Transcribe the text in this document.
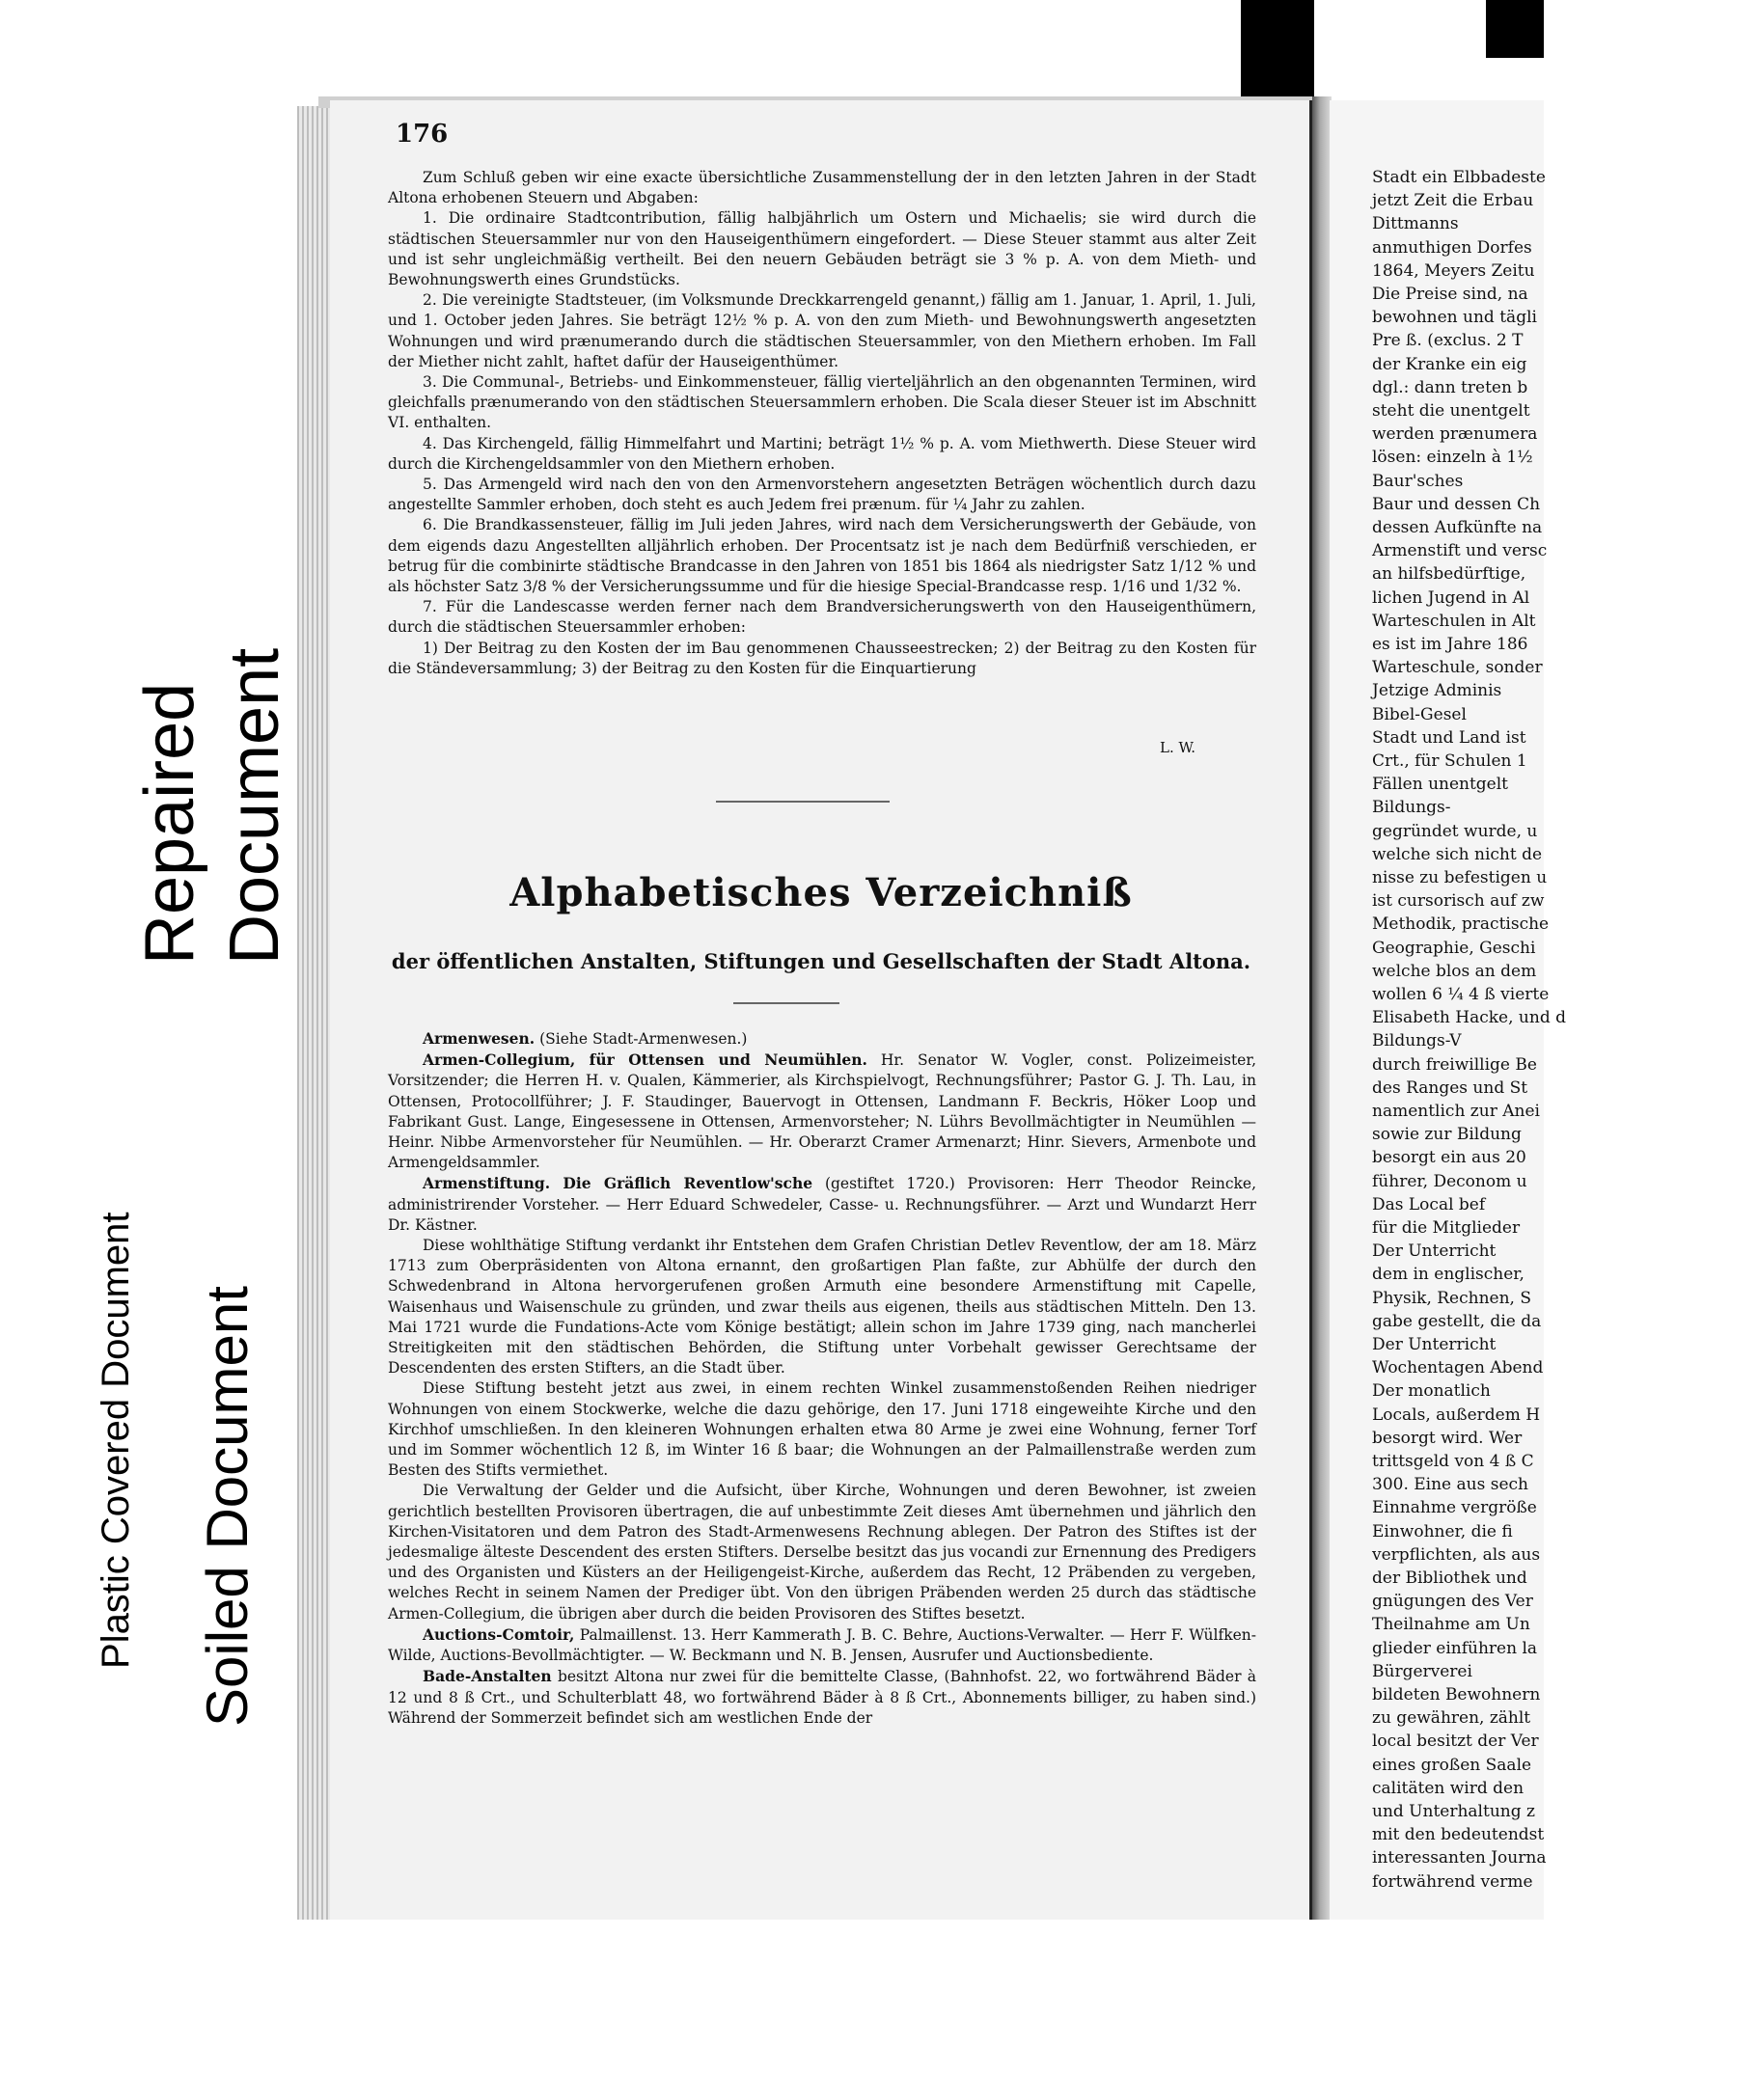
Repaired Document
Plastic Covered Document Soiled Document
176

Zum Schluß geben wir eine exacte übersichtliche Zusammenstellung der in den letzten Jahren in der Stadt Altona erhobenen Steuern und Abgaben:

1. Die ordinaire Stadtcontribution, fällig halbjährlich um Ostern und Michaelis; sie wird durch die städtischen Steuersammler nur von den Hauseigenthümern eingefordert. — Diese Steuer stammt aus alter Zeit und ist sehr ungleichmäßig vertheilt. Bei den neuern Gebäuden beträgt sie 3 % p. A. von dem Mieth- und Bewohnungswerth eines Grundstücks.

2. Die vereinigte Stadtsteuer, (im Volksmunde Dreckkarrengeld genannt,) fällig am 1. Januar, 1. April, 1. Juli, und 1. October jeden Jahres. Sie beträgt 12½ % p. A. von den zum Mieth- und Bewohnungswerth angesetzten Wohnungen und wird prænumerando durch die städtischen Steuersammler, von den Miethern erhoben. Im Fall der Miether nicht zahlt, haftet dafür der Hauseigenthümer.

3. Die Communal-, Betriebs- und Einkommensteuer, fällig vierteljährlich an den obgenannten Terminen, wird gleichfalls prænumerando von den städtischen Steuersammlern erhoben. Die Scala dieser Steuer ist im Abschnitt VI. enthalten.

4. Das Kirchengeld, fällig Himmelfahrt und Martini; beträgt 1½ % p. A. vom Miethwerth. Diese Steuer wird durch die Kirchengeldsammler von den Miethern erhoben.

5. Das Armengeld wird nach den von den Armenvorstehern angesetzten Beträgen wöchentlich durch dazu angestellte Sammler erhoben, doch steht es auch Jedem frei prænum. für ¼ Jahr zu zahlen.

6. Die Brandkassensteuer, fällig im Juli jeden Jahres, wird nach dem Versicherungswerth der Gebäude, von dem eigends dazu Angestellten alljährlich erhoben. Der Procentsatz ist je nach dem Bedürfniß verschieden, er betrug für die combinirte städtische Brandcasse in den Jahren von 1851 bis 1864 als niedrigster Satz 1/12 % und als höchster Satz 3/8 % der Versicherungssumme und für die hiesige Special-Brandcasse resp. 1/16 und 1/32 %.

7. Für die Landescasse werden ferner nach dem Brandversicherungswerth von den Hauseigenthümern, durch die städtischen Steuersammler erhoben:

1) Der Beitrag zu den Kosten der im Bau genommenen Chausseestrecken; 2) der Beitrag zu den Kosten für die Ständeversammlung; 3) der Beitrag zu den Kosten für die Einquartierung

L. W.
Alphabetisches Verzeichniß
der öffentlichen Anstalten, Stiftungen und Gesellschaften der Stadt Altona.

Armenwesen. (Siehe Stadt-Armenwesen.)

Armen-Collegium, für Ottensen und Neumühlen. Hr. Senator W. Vogler, const. Polizeimeister, Vorsitzender; die Herren H. v. Qualen, Kämmerier, als Kirchspielvogt, Rechnungsführer; Pastor G. J. Th. Lau, in Ottensen, Protocollführer; J. F. Staudinger, Bauervogt in Ottensen, Landmann F. Beckris, Höker Loop und Fabrikant Gust. Lange, Eingesessene in Ottensen, Armenvorsteher; N. Lührs Bevollmächtigter in Neumühlen — Heinr. Nibbe Armenvorsteher für Neumühlen. — Hr. Oberarzt Cramer Armenarzt; Hinr. Sievers, Armenbote und Armengeldsammler.

Armenstiftung. Die Gräflich Reventlow'sche (gestiftet 1720.) Provisoren: Herr Theodor Reincke, administrirender Vorsteher. — Herr Eduard Schwedeler, Casse- u. Rechnungsführer. — Arzt und Wundarzt Herr Dr. Kästner.

Diese wohlthätige Stiftung verdankt ihr Entstehen dem Grafen Christian Detlev Reventlow, der am 18. März 1713 zum Oberpräsidenten von Altona ernannt, den großartigen Plan faßte, zur Abhülfe der durch den Schwedenbrand in Altona hervorgerufenen großen Armuth eine besondere Armenstiftung mit Capelle, Waisenhaus und Waisenschule zu gründen, und zwar theils aus eigenen, theils aus städtischen Mitteln. Den 13. Mai 1721 wurde die Fundations-Acte vom Könige bestätigt; allein schon im Jahre 1739 ging, nach mancherlei Streitigkeiten mit den städtischen Behörden, die Stiftung unter Vorbehalt gewisser Gerechtsame der Descendenten des ersten Stifters, an die Stadt über.

Diese Stiftung besteht jetzt aus zwei, in einem rechten Winkel zusammenstoßenden Reihen niedriger Wohnungen von einem Stockwerke, welche die dazu gehörige, den 17. Juni 1718 eingeweihte Kirche und den Kirchhof umschließen. In den kleineren Wohnungen erhalten etwa 80 Arme je zwei eine Wohnung, ferner Torf und im Sommer wöchentlich 12 ß, im Winter 16 ß baar; die Wohnungen an der Palmaillenstraße werden zum Besten des Stifts vermiethet.

Die Verwaltung der Gelder und die Aufsicht, über Kirche, Wohnungen und deren Bewohner, ist zweien gerichtlich bestellten Provisoren übertragen, die auf unbestimmte Zeit dieses Amt übernehmen und jährlich den Kirchen-Visitatoren und dem Patron des Stadt-Armenwesens Rechnung ablegen. Der Patron des Stiftes ist der jedesmalige älteste Descendent des ersten Stifters. Derselbe besitzt das jus vocandi zur Ernennung des Predigers und des Organisten und Küsters an der Heiligengeist-Kirche, außerdem das Recht, 12 Präbenden zu vergeben, welches Recht in seinem Namen der Prediger übt. Von den übrigen Präbenden werden 25 durch das städtische Armen-Collegium, die übrigen aber durch die beiden Provisoren des Stiftes besetzt.

Auctions-Comtoir, Palmaillenst. 13. Herr Kammerath J. B. C. Behre, Auctions-Verwalter. — Herr F. Wülfken-Wilde, Auctions-Bevollmächtigter. — W. Beckmann und N. B. Jensen, Ausrufer und Auctionsbediente.

Bade-Anstalten besitzt Altona nur zwei für die bemittelte Classe, (Bahnhofst. 22, wo fortwährend Bäder à 12 und 8 ß Crt., und Schulterblatt 48, wo fortwährend Bäder à 8 ß Crt., Abonnements billiger, zu haben sind.) Während der Sommerzeit befindet sich am westlichen Ende der

Stadt ein Elbbadeste
jetzt Zeit die Erbau
Dittmanns
anmuthigen Dorfes
1864, Meyers Zeitu
Die Preise sind, na
bewohnen und tägli
Pre ß. (exclus. 2 T
der Kranke ein eig
dgl.: dann treten b
steht die unentgelt
werden prænumera
lösen: einzeln à 1½
Baur'sches
Baur und dessen Ch
dessen Aufkünfte na
Armenstift und versc
an hilfsbedürftige,
lichen Jugend in Al
Warteschulen in Alt
es ist im Jahre 186
Warteschule, sonder
Jetzige Adminis
Bibel-Gesel
Stadt und Land ist
Crt., für Schulen 1
Fällen unentgelt
Bildungs-
gegründet wurde, u
welche sich nicht de
nisse zu befestigen u
ist cursorisch auf zw
Methodik, practische
Geographie, Geschi
welche blos an dem
wollen 6 ¼ 4 ß vierte
Elisabeth Hacke, und d
Bildungs-V
durch freiwillige Be
des Ranges und St
namentlich zur Anei
sowie zur Bildung
besorgt ein aus 20
führer, Deconom u
Das Local bef
für die Mitglieder
Der Unterricht
dem in englischer,
Physik, Rechnen, S
gabe gestellt, die da
Der Unterricht
Wochentagen Abend
Der monatlich
Locals, außerdem H
besorgt wird. Wer
trittsgeld von 4 ß C
300. Eine aus sech
Einnahme vergröße
Einwohner, die fi
verpflichten, als aus
der Bibliothek und
gnügungen des Ver
Theilnahme am Un
glieder einführen la
Bürgerverei
bildeten Bewohnern
zu gewähren, zählt
local besitzt der Ver
eines großen Saale
calitäten wird den
und Unterhaltung z
mit den bedeutendst
interessanten Journa
fortwährend verme
